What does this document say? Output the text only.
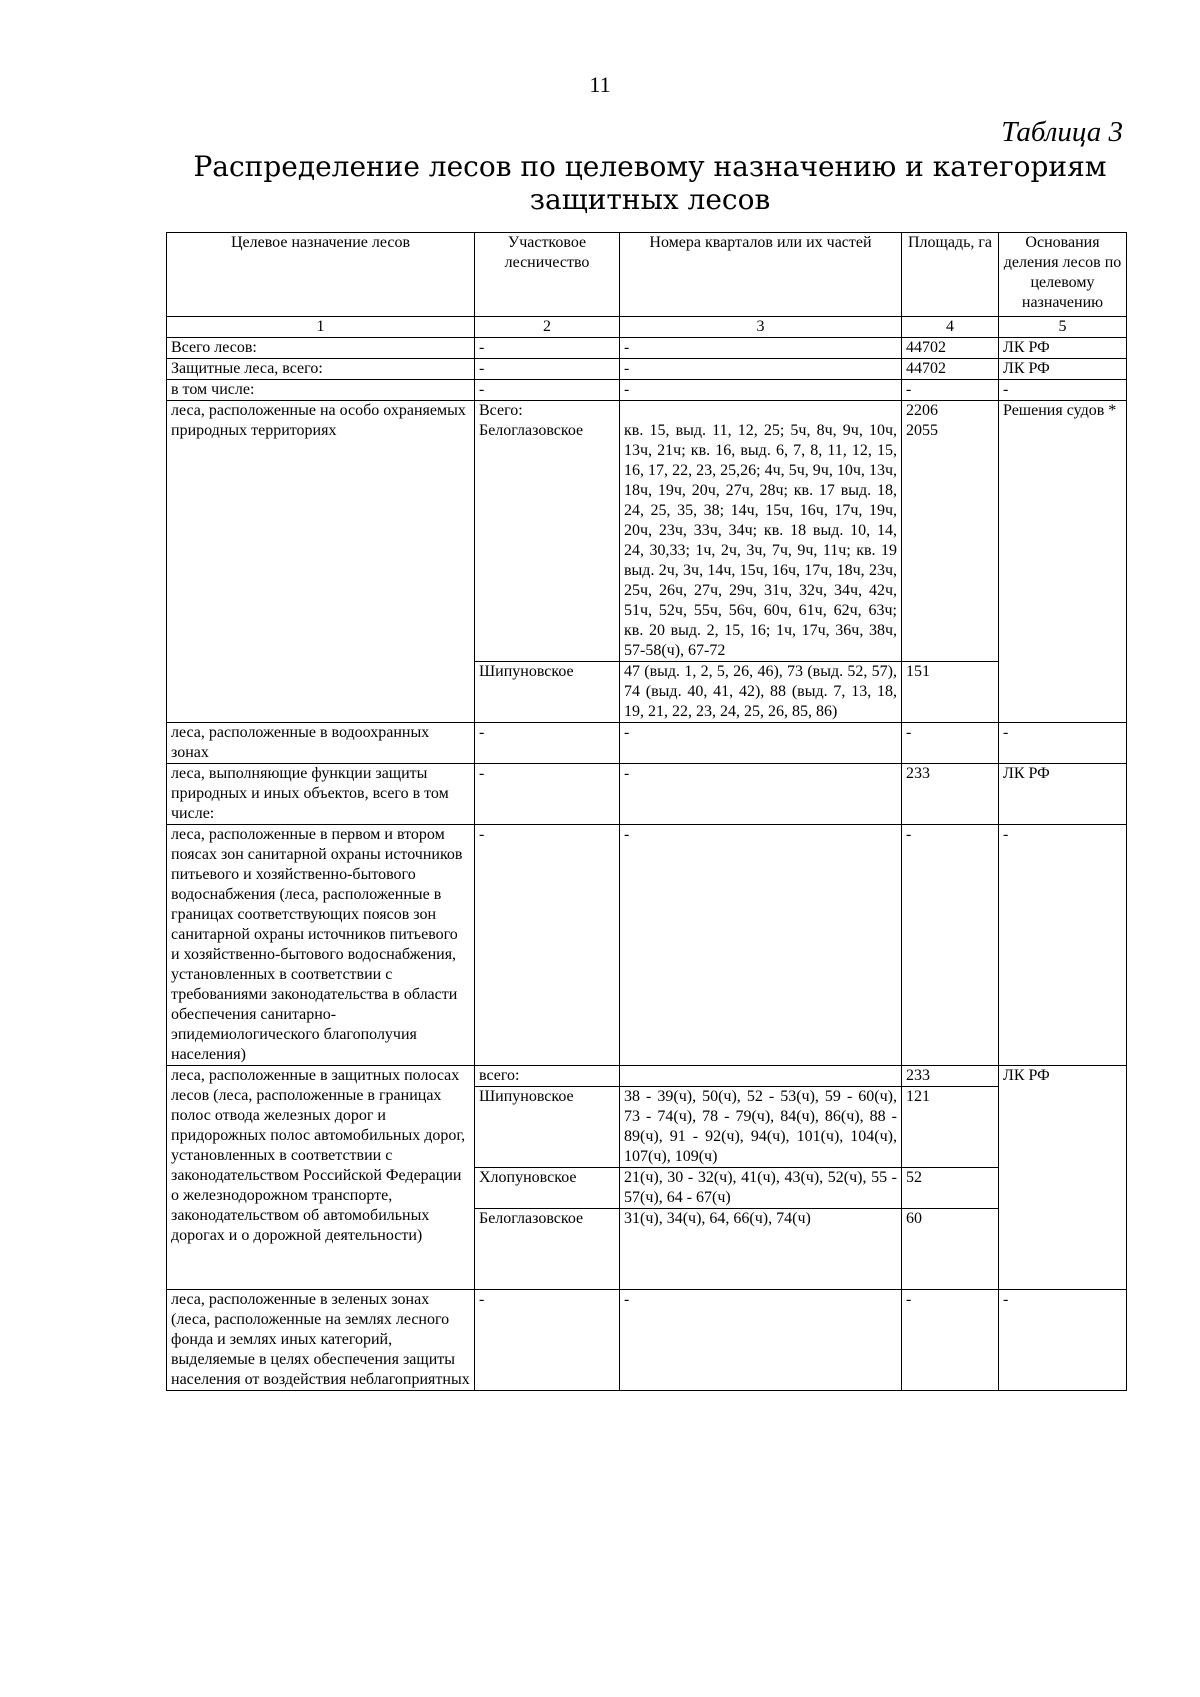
11
Таблица 3
Распределение лесов по целевому назначению и категориям
защитных лесов
Целевое назначение лесов	Участковое лесничество	Номера кварталов или их частей	Площадь, га	Основания деления лесов по целевому назначению
1	2	3	4	5
Всего лесов:	-	-	44702	ЛК РФ
Защитные леса, всего:	-	-	44702	ЛК РФ
в том числе:	-	-	-	-
леса, расположенные на особо охраняемых природных территориях	Всего:		2206	Решения судов *
	Белоглазовское	кв. 15, выд. 11, 12, 25; 5ч, 8ч, 9ч, 10ч, 13ч, 21ч; кв. 16, выд. 6, 7, 8, 11, 12, 15, 16, 17, 22, 23, 25,26; 4ч, 5ч, 9ч, 10ч, 13ч, 18ч, 19ч, 20ч, 27ч, 28ч; кв. 17 выд. 18, 24, 25, 35, 38; 14ч, 15ч, 16ч, 17ч, 19ч, 20ч, 23ч, 33ч, 34ч; кв. 18 выд. 10, 14, 24, 30,33; 1ч, 2ч, 3ч, 7ч, 9ч, 11ч; кв. 19 выд. 2ч, 3ч, 14ч, 15ч, 16ч, 17ч, 18ч, 23ч, 25ч, 26ч, 27ч, 29ч, 31ч, 32ч, 34ч, 42ч, 51ч, 52ч, 55ч, 56ч, 60ч, 61ч, 62ч, 63ч; кв. 20 выд. 2, 15, 16; 1ч, 17ч, 36ч, 38ч, 57-58(ч), 67-72	2055	
	Шипуновское	47 (выд. 1, 2, 5, 26, 46), 73 (выд. 52, 57), 74 (выд. 40, 41, 42), 88 (выд. 7, 13, 18, 19, 21, 22, 23, 24, 25, 26, 85, 86)	151	
леса, расположенные в водоохранных зонах	-	-	-	-
леса, выполняющие функции защиты природных и иных объектов, всего в том числе:	-	-	233	ЛК РФ
леса, расположенные в первом и втором поясах зон санитарной охраны источников питьевого и хозяйственно-бытового водоснабжения (леса, расположенные в границах соответствующих поясов зон санитарной охраны источников питьевого и хозяйственно-бытового водоснабжения, установленных в соответствии с требованиями законодательства в области обеспечения санитарно-эпидемиологического благополучия населения)	-	-	-	-
леса, расположенные в защитных полосах лесов (леса, расположенные в границах полос отвода железных дорог и придорожных полос автомобильных дорог, установленных в соответствии с законодательством Российской Федерации о железнодорожном транспорте, законодательством об автомобильных дорогах и о дорожной деятельности)	всего:		233	ЛК РФ
	Шипуновское	38 - 39(ч), 50(ч), 52 - 53(ч), 59 - 60(ч), 73 - 74(ч), 78 - 79(ч), 84(ч), 86(ч), 88 - 89(ч), 91 - 92(ч), 94(ч), 101(ч), 104(ч), 107(ч), 109(ч)	121	
	Хлопуновское	21(ч), 30 - 32(ч), 41(ч), 43(ч), 52(ч), 55 - 57(ч), 64 - 67(ч)	52	
	Белоглазовское	31(ч), 34(ч), 64, 66(ч), 74(ч)	60	
леса, расположенные в зеленых зонах (леса, расположенные на землях лесного фонда и землях иных категорий, выделяемые в целях обеспечения защиты населения от воздействия неблагоприятных	-	-	-	-
